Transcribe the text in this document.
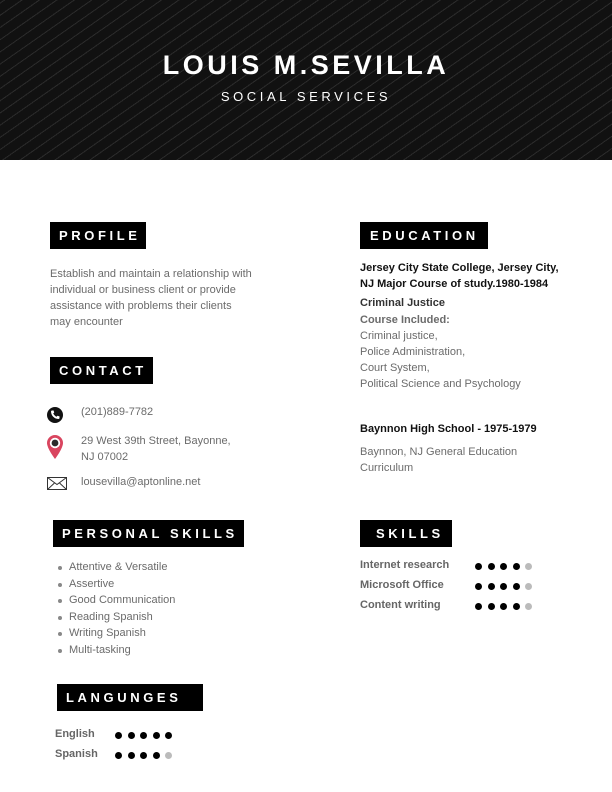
LOUIS M.SEVILLA
SOCIAL SERVICES
PROFILE
Establish and maintain a relationship with
individual or business client or provide
assistance with problems their clients
may encounter
CONTACT
(201)889-7782
29 West 39th Street, Bayonne,
NJ 07002
lousevilla@aptonline.net
PERSONAL SKILLS
Attentive & Versatile
Assertive
Good Communication
Reading Spanish
Writing Spanish
Multi-tasking
LANGUNGES
English
Spanish
EDUCATION
Jersey City State College, Jersey City,
NJ Major Course of study.1980-1984
Criminal Justice
Course Included:
Criminal justice,
Police Administration,
Court System,
Political Science and Psychology
Baynnon High School - 1975-1979
Baynnon, NJ General Education
Curriculum
SKILLS
Internet research
Microsoft Office
Content writing
